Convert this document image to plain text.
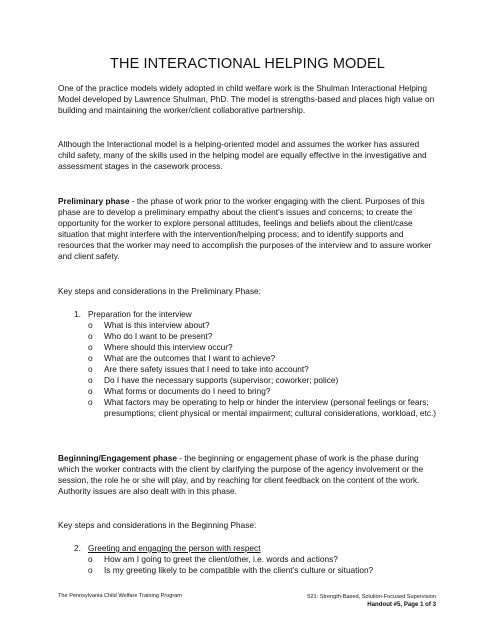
THE INTERACTIONAL HELPING MODEL

One of the practice models widely adopted in child welfare work is the Shulman Interactional Helping Model developed by Lawrence Shulman, PhD. The model is strengths-based and places high value on building and maintaining the worker/client collaborative partnership.

Although the Interactional model is a helping-oriented model and assumes the worker has assured child safety, many of the skills used in the helping model are equally effective in the investigative and assessment stages in the casework process.

Preliminary phase - the phase of work prior to the worker engaging with the client. Purposes of this phase are to develop a preliminary empathy about the client’s issues and concerns; to create the opportunity for the worker to explore personal attitudes, feelings and beliefs about the client/case situation that might interfere with the intervention/helping process; and to identify supports and resources that the worker may need to accomplish the purposes of the interview and to assure worker and client safety.

Key steps and considerations in the Preliminary Phase:

1. Preparation for the interview
o What is this interview about?
o Who do I want to be present?
o Where should this interview occur?
o What are the outcomes that I want to achieve?
o Are there safety issues that I need to take into account?
o Do I have the necessary supports (supervisor; coworker; police)
o What forms or documents do I need to bring?
o What factors may be operating to help or hinder the interview (personal feelings or fears; presumptions; client physical or mental impairment; cultural considerations, workload, etc.)

Beginning/Engagement phase - the beginning or engagement phase of work is the phase during which the worker contracts with the client by clarifying the purpose of the agency involvement or the session, the role he or she will play, and by reaching for client feedback on the content of the work. Authority issues are also dealt with in this phase.

Key steps and considerations in the Beginning Phase:

2. Greeting and engaging the person with respect
o How am I going to greet the client/other, i.e. words and actions?
o Is my greeting likely to be compatible with the client’s culture or situation?
The Pennsylvania Child Welfare Training Program	521: Strength-Based, Solution-Focused Supervision
Handout #5, Page 1 of 3
